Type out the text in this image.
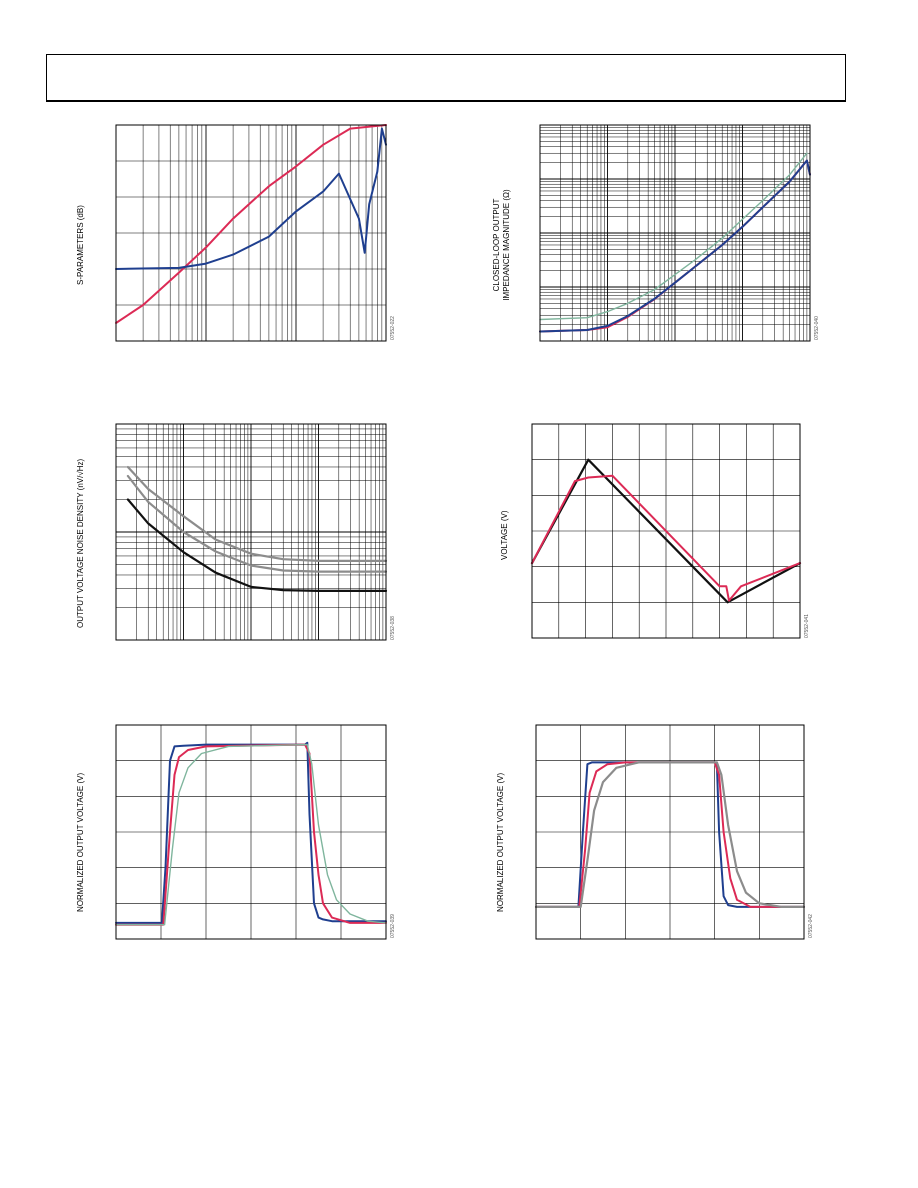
S-PARAMETERS (dB)
07552-022
CLOSED-LOOP OUTPUT IMPEDANCE MAGNITUDE (Ω)
07552-040
OUTPUT VOLTAGE NOISE DENSITY (nV/√Hz)
07552-038
VOLTAGE (V)
07552-041
NORMALIZED OUTPUT VOLTAGE (V)
07552-039
NORMALIZED OUTPUT VOLTAGE (V)
07552-042
